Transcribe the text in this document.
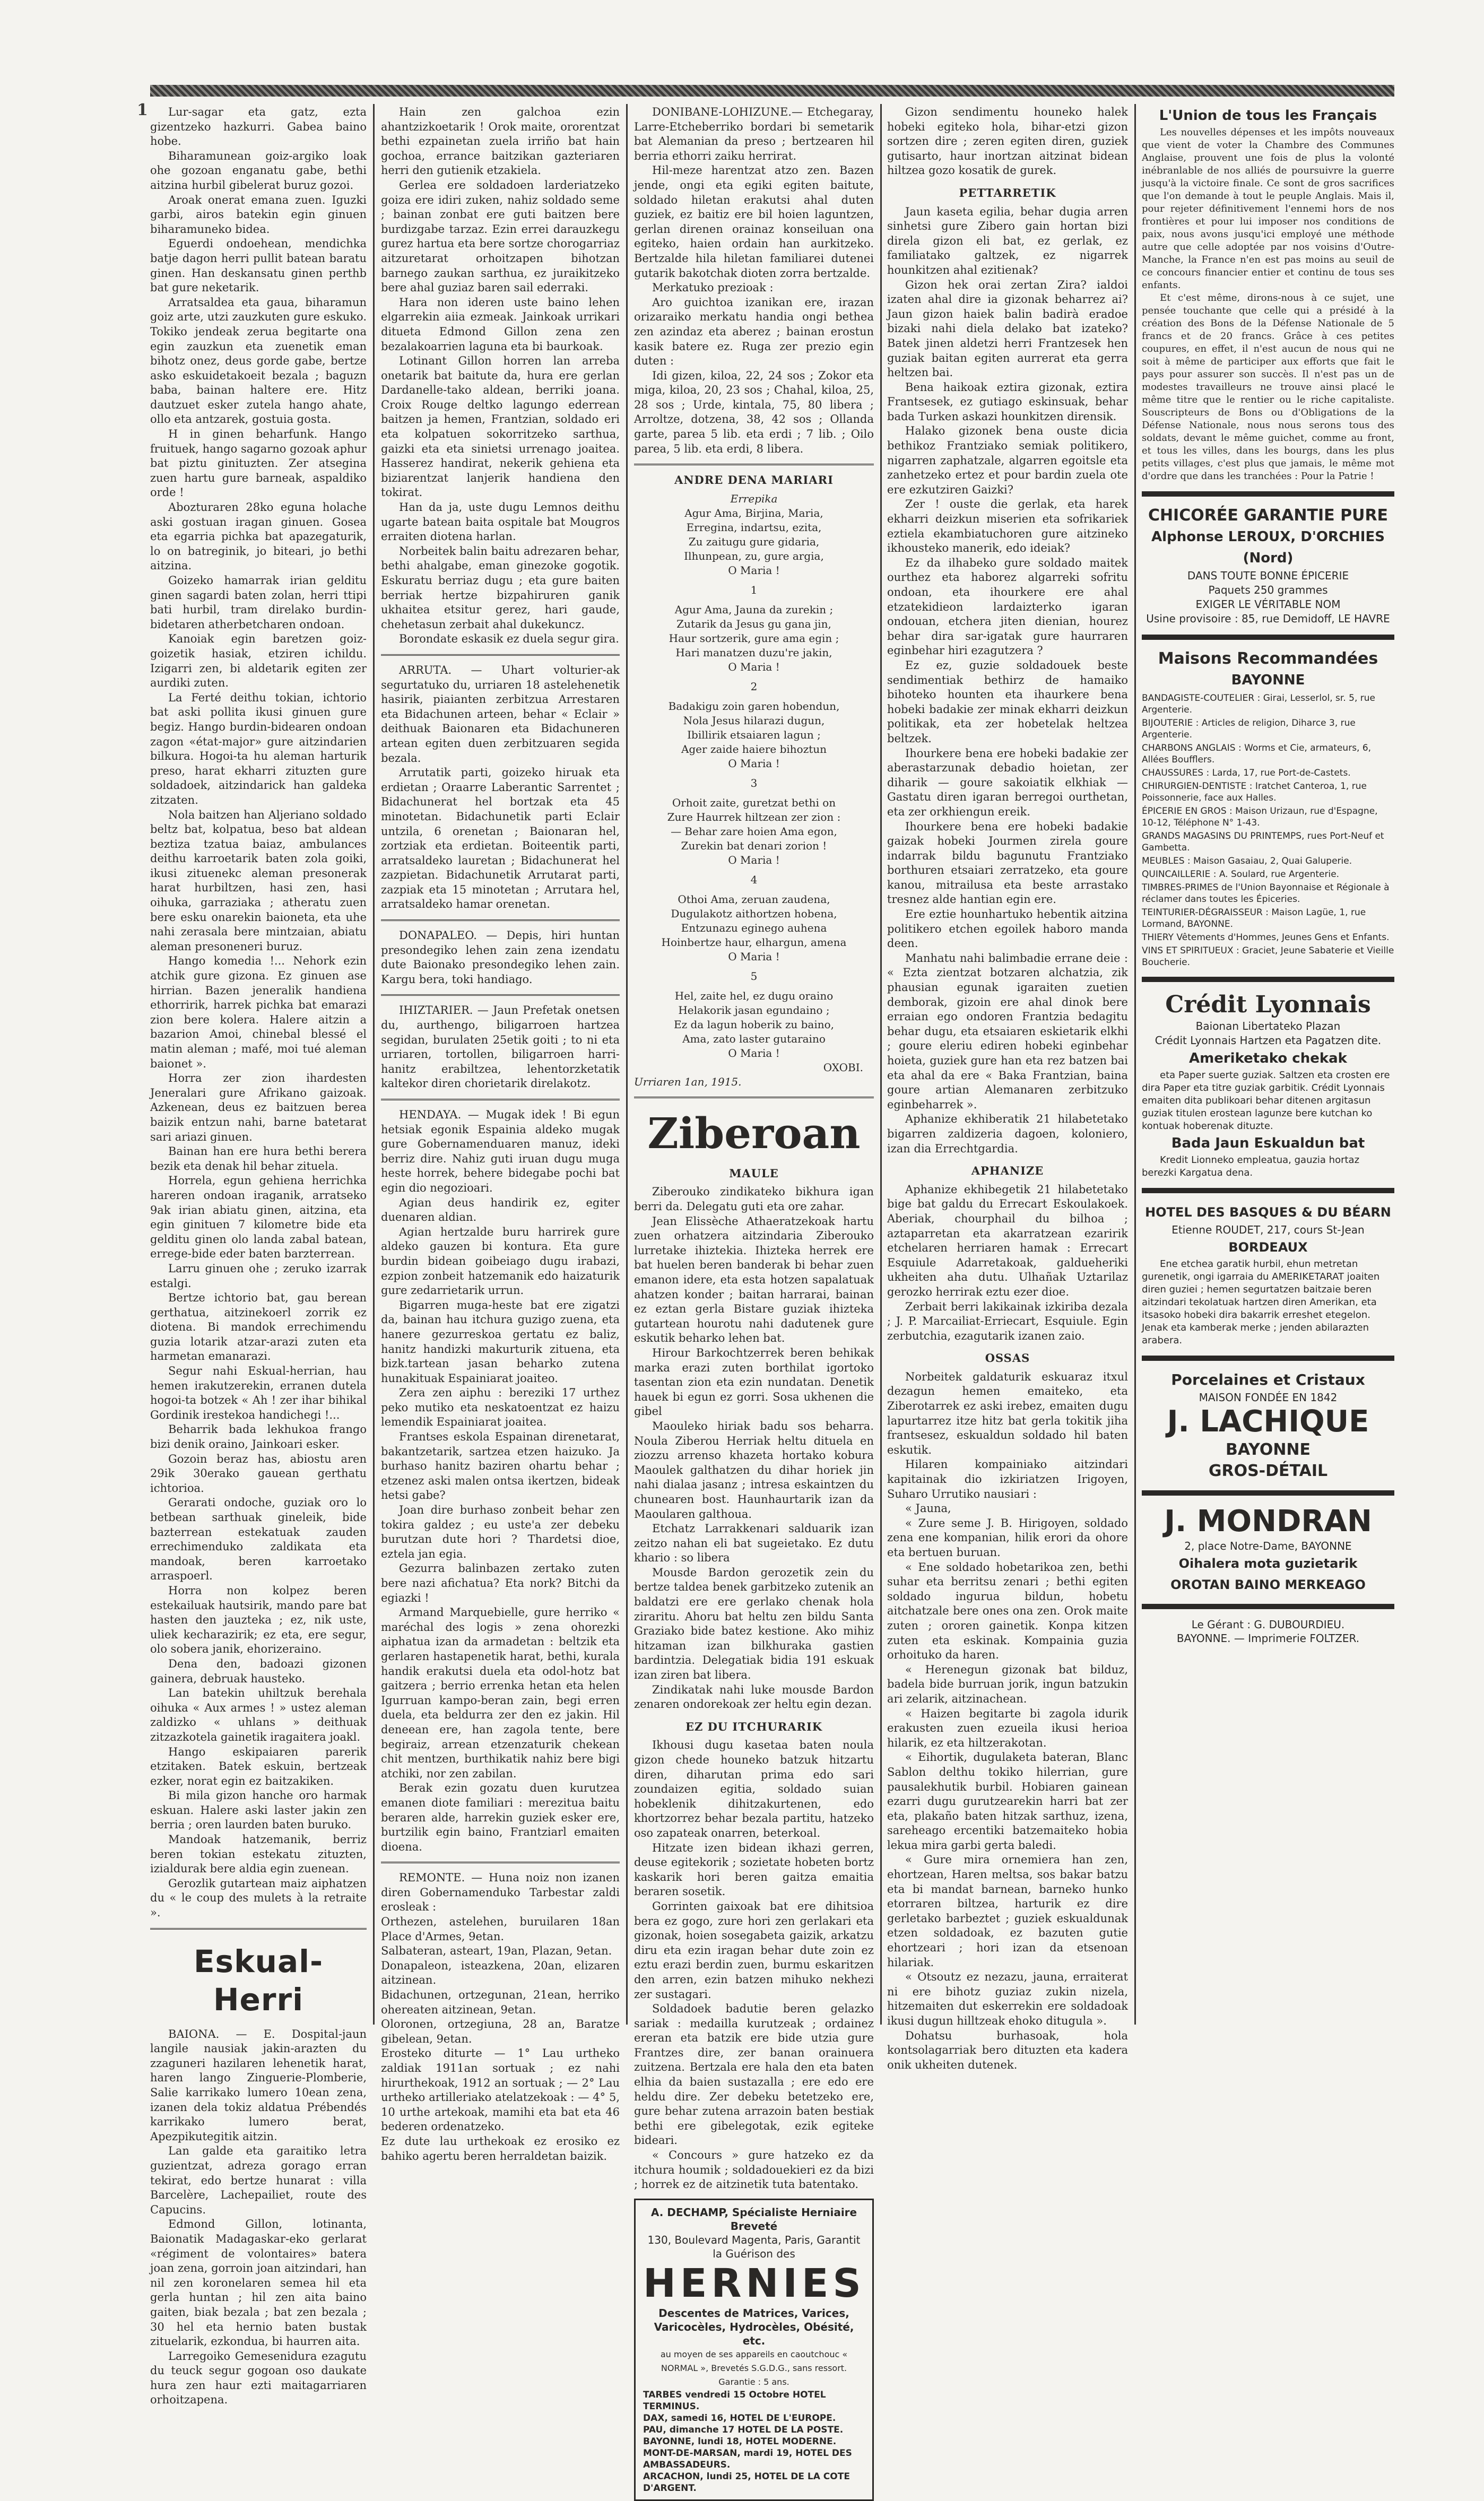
1	Lur-sagar eta gatz, ezta gizentzeko hazkurri. Gabea baino hobe.

Biharamunean goiz-argiko loak ohe gozoan enganatu gabe, bethi aitzina hurbil gibelerat buruz gozoi.

Aroak onerat emana zuen. Iguzki garbi, airos batekin egin ginuen biharamuneko bidea.

Eguerdi ondoehean, mendichka batje dagon herri pullit batean baratu ginen. Han deskansatu ginen perthb bat gure neketarik.

Arratsaldea eta gaua, biharamun goiz arte, utzi zauzkuten gure eskuko. Tokiko jendeak zerua begitarte ona egin zauzkun eta zuenetik eman bihotz onez, deus gorde gabe, bertze asko eskuidetakoeit bezala ; baguzn baba, bainan haltere ere. Hitz dautzuet esker zutela hango ahate, ollo eta antzarek, gostuia gosta.

H in ginen beharfunk. Hango fruituek, hango sagarno gozoak aphur bat piztu ginituzten. Zer atsegina zuen hartu gure barneak, aspaldiko orde !

Abozturaren 28ko eguna holache aski gostuan iragan ginuen. Gosea eta egarria pichka bat apazegaturik, lo on batreginik, jo biteari, jo bethi aitzina.

Goizeko hamarrak irian gelditu ginen sagardi baten zolan, herri ttipi bati hurbil, tram direlako burdin-bidetaren atherbetcharen ondoan.

Kanoiak egin baretzen goiz-goizetik hasiak, etziren ichildu. Izigarri zen, bi aldetarik egiten zer aurdiki zuten.

La Ferté deithu tokian, ichtorio bat aski pollita ikusi ginuen gure begiz. Hango burdin-bidearen ondoan zagon «état-major» gure aitzindarien bilkura. Hogoi-ta hu aleman harturik preso, harat ekharri zituzten gure soldadoek, aitzindarick han galdeka zitzaten.

Nola baitzen han Aljeriano soldado beltz bat, kolpatua, beso bat aldean beztiza tzatua baiaz, ambulances deithu karroetarik baten zola goiki, ikusi zituenekc aleman presonerak harat hurbiltzen, hasi zen, hasi oihuka, garraziaka ; atheratu zuen bere esku onarekin baioneta, eta uhe nahi zerasala bere mintzaian, abiatu aleman presoneneri buruz.

Hango komedia !... Nehork ezin atchik gure gizona. Ez ginuen ase hirrian. Bazen jeneralik handiena ethorririk, harrek pichka bat emarazi zion bere kolera. Halere aitzin a bazarion Amoi, chinebal blessé el matin aleman ; mafé, moi tué aleman baionet ».

Horra zer zion ihardesten Jeneralari gure Afrikano gaizoak. Azkenean, deus ez baitzuen berea baizik entzun nahi, barne batetarat sari ariazi ginuen.

Bainan han ere hura bethi berera bezik eta denak hil behar zituela.

Horrela, egun gehiena herrichka hareren ondoan iraganik, arratseko 9ak irian abiatu ginen, aitzina, eta egin ginituen 7 kilometre bide eta gelditu ginen olo landa zabal batean, errege-bide eder baten barzterrean.

Larru ginuen ohe ; zeruko izarrak estalgi.

Bertze ichtorio bat, gau berean gerthatua, aitzinekoerl zorrik ez diotena. Bi mandok errechimendu guzia lotarik atzar-arazi zuten eta harmetan emanarazi.

Segur nahi Eskual-herrian, hau hemen irakutzerekin, erranen dutela hogoi-ta botzek « Ah ! zer ihar bihikal Gordinik irestekoa handichegi !...

Beharrik bada lekhukoa frango bizi denik oraino, Jainkoari esker.

Gozoin beraz has, abiostu aren 29ik 30erako gauean gerthatu ichtorioa.

Gerarati ondoche, guziak oro lo betbean sarthuak gineleik, bide bazterrean estekatuak zauden errechimenduko zaldikata eta mandoak, beren karroetako arraspoerl.

Horra non kolpez beren estekailuak hautsirik, mando pare bat hasten den jauzteka ; ez, nik uste, uliek kecharazirik; ez eta, ere segur, olo sobera janik, ehorizeraino.

Dena den, badoazi gizonen gainera, debruak hausteko.

Lan batekin uhiltzuk berehala oihuka « Aux armes ! » ustez aleman zaldizko « uhlans » deithuak zitzazkotela gainetik iragaitera joakl.

Hango eskipaiaren parerik etzitaken. Batek eskuin, bertzeak ezker, norat egin ez baitzakiken.

Bi mila gizon hanche oro harmak eskuan. Halere aski laster jakin zen berria ; oren laurden baten buruko.

Mandoak hatzemanik, berriz beren tokian estekatu zituzten, izialdurak bere aldia egin zuenean.

Gerozlik gutartean maiz aiphatzen du « le coup des mulets à la retraite ».

Eskual-Herri

BAIONA. — E. Dospital-jaun langile nausiak jakin-arazten du zzaguneri hazilaren lehenetik harat, haren lango Zinguerie-Plomberie, Salie karrikako lumero 10ean zena, izanen dela tokiz aldatua Prébendés karrikako lumero berat, Apezpikutegitik aitzin.

Lan galde eta garaitiko letra guzientzat, adreza gorago erran tekirat, edo bertze hunarat : villa Barcelère, Lachepailiet, route des Capucins.

Edmond Gillon, lotinanta, Baionatik Madagaskar-eko gerlarat «régiment de volontaires» batera joan zena, gorroin joan aitzindari, han nil zen koronelaren semea hil eta gerla huntan ; hil zen aita baino gaiten, biak bezala ; bat zen bezala ; 30 hel eta hernio baten bustak zituelarik, ezkondua, bi haurren aita.

Larregoiko Gemesenidura ezagutu du teuck segur gogoan oso daukate hura zen haur ezti maitagarriaren orhoitzapena.

Hain zen galchoa ezin ahantzizkoetarik ! Orok maite, ororentzat bethi ezpainetan zuela irriño bat hain gochoa, errance baitzikan gazteriaren herri den gutienik etzakiela.

Gerlea ere soldadoen larderiatzeko goiza ere idiri zuken, nahiz soldado seme ; bainan zonbat ere guti baitzen bere burdizgabe tarzaz. Ezin errei darauzkegu gurez hartua eta bere sortze chorogarriaz aitzuretarat orhoitzapen bihotzan barnego zaukan sarthua, ez juraikitzeko bere ahal guziaz baren sail ederraki.

Hara non ideren uste baino lehen elgarrekin aiia ezmeak. Jainkoak urrikari ditueta Edmond Gillon zena zen bezalakoarrien laguna eta bi baurkoak.

Lotinant Gillon horren lan arreba onetarik bat baitute da, hura ere gerlan Dardanelle-tako aldean, berriki joana. Croix Rouge deltko lagungo ederrean baitzen ja hemen, Frantzian, soldado eri eta kolpatuen sokorritzeko sarthua, gaizki eta eta sinietsi urrenago joaitea. Hasserez handirat, nekerik gehiena eta biziarentzat lanjerik handiena den tokirat.

Han da ja, uste dugu Lemnos deithu ugarte batean baita ospitale bat Mougros erraiten diotena harlan.

Norbeitek balin baitu adrezaren behar, bethi ahalgabe, eman ginezoke gogotik. Eskuratu berriaz dugu ; eta gure baiten berriak hertze bizpahiruren ganik ukhaitea etsitur gerez, hari gaude, chehetasun zerbait ahal dukekuncz.

Borondate eskasik ez duela segur gira.

ARRUTA. — Uhart volturier-ak segurtatuko du, urriaren 18 astelehenetik hasirik, piaianten zerbitzua Arrestaren eta Bidachunen arteen, behar « Eclair » deithuak Baionaren eta Bidachuneren artean egiten duen zerbitzuaren segida bezala.

Arrutatik parti, goizeko hiruak eta erdietan ; Oraarre Laberantic Sarrentet ; Bidachunerat hel bortzak eta 45 minotetan. Bidachunetik parti Eclair untzila, 6 orenetan ; Baionaran hel, zortziak eta erdietan. Boiteentik parti, arratsaldeko lauretan ; Bidachunerat hel zazpietan. Bidachunetik Arrutarat parti, zazpiak eta 15 minotetan ; Arrutara hel, arratsaldeko hamar orenetan.

DONAPALEO. — Depis, hiri huntan presondegiko lehen zain zena izendatu dute Baionako presondegiko lehen zain. Kargu bera, toki handiago.

IHIZTARIER. — Jaun Prefetak onetsen du, aurthengo, biligarroen hartzea segidan, burulaten 25etik goiti ; to ni eta urriaren, tortollen, biligarroen harri-hanitz erabiltzea, lehentorzketatik kaltekor diren chorietarik direlakotz.

HENDAYA. — Mugak idek ! Bi egun hetsiak egonik Espainia aldeko mugak gure Gobernamenduaren manuz, ideki berriz dire. Nahiz guti iruan dugu muga heste horrek, behere bidegabe pochi bat egin dio negozioari.

Agian deus handirik ez, egiter duenaren aldian.

Agian hertzalde buru harrirek gure aldeko gauzen bi kontura. Eta gure burdin bidean goibeiago dugu irabazi, ezpion zonbeit hatzemanik edo haizaturik gure zedarrietarik urrun.

Bigarren muga-heste bat ere zigatzi da, bainan hau itchura guzigo zuena, eta hanere gezurreskoa gertatu ez baliz, hanitz handizki makurturik zituena, eta bizk.tartean jasan beharko zutena hunakituak Espainiarat joaiteo.

Zera zen aiphu : bereziki 17 urthez peko mutiko eta neskatoentzat ez haizu lemendik Espainiarat joaitea.

Frantses eskola Espainan direnetarat, bakantzetarik, sartzea etzen haizuko. Ja burhaso hanitz baziren ohartu behar ; etzenez aski malen ontsa ikertzen, bideak hetsi gabe?

Joan dire burhaso zonbeit behar zen tokira galdez ; eu uste'a zer debeku burutzan dute hori ? Thardetsi dioe, eztela jan egia.

Gezurra balinbazen zertako zuten bere nazi afichatua? Eta nork? Bitchi da egiazki !

Armand Marquebielle, gure herriko « maréchal des logis » zena ohorezki aiphatua izan da armadetan : beltzik eta gerlaren hastapenetik harat, bethi, kurala handik erakutsi duela eta odol-hotz bat gaitzera ; berrio errenka hetan eta helen Igurruan kampo-beran zain, begi erren duela, eta beldurra zer den ez jakin. Hil deneean ere, han zagola tente, bere begiraiz, arrean etzenzaturik chekean chit mentzen, burthikatik nahiz bere bigi atchiki, nor zen zabilan.

Berak ezin gozatu duen kurutzea emanen diote familiari : merezitua baitu beraren alde, harrekin guziek esker ere, burtzilik egin baino, Frantziarl emaiten dioena.

REMONTE. — Huna noiz non izanen diren Gobernamenduko Tarbestar zaldi erosleak :

Orthezen, astelehen, buruilaren 18an Place d'Armes, 9etan.

Salbateran, asteart, 19an, Plazan, 9etan.

Donapaleon, isteazkena, 20an, elizaren aitzinean.

Bidachunen, ortzegunan, 21ean, herriko ohereaten aitzinean, 9etan.

Oloronen, ortzegiuna, 28 an, Baratze gibelean, 9etan.

Erosteko diturte — 1° Lau urtheko zaldiak 1911an sortuak ; ez nahi hirurthekoak, 1912 an sortuak ; — 2° Lau urtheko artilleriako atelatzekoak : — 4° 5, 10 urthe artekoak, mamihi eta bat eta 46 bederen ordenatzeko.

Ez dute lau urthekoak ez erosiko ez bahiko agertu beren herraldetan baizik.

DONIBANE-LOHIZUNE.— Etchegaray, Larre-Etcheberriko bordari bi semetarik bat Alemanian da preso ; bertzearen hil berria ethorri zaiku herrirat.

Hil-meze harentzat atzo zen. Bazen jende, ongi eta egiki egiten baitute, soldado hiletan erakutsi ahal duten guziek, ez baitiz ere bil hoien laguntzen, gerlan direnen orainaz konseiluan ona egiteko, haien ordain han aurkitzeko. Bertzalde hila hiletan familiarei dutenei gutarik bakotchak dioten zorra bertzalde.

Merkatuko prezioak :

Aro guichtoa izanikan ere, irazan orizaraiko merkatu handia ongi bethea zen azindaz eta aberez ; bainan erostun kasik batere ez. Ruga zer prezio egin duten :

Idi gizen, kiloa, 22, 24 sos ; Zokor eta miga, kiloa, 20, 23 sos ; Chahal, kiloa, 25, 28 sos ; Urde, kintala, 75, 80 libera ; Arroltze, dotzena, 38, 42 sos ; Ollanda garte, parea 5 lib. eta erdi ; 7 lib. ; Oilo parea, 5 lib. eta erdi, 8 libera.

ANDRE DENA MARIARI
Errepika
Agur Ama, Birjina, Maria,
Erregina, indartsu, ezita,
Zu zaitugu gure gidaria,
Ilhunpean, zu, gure argia,
O Maria !
1
Agur Ama, Jauna da zurekin ;
Zutarik da Jesus gu gana jin,
Haur sortzerik, gure ama egin ;
Hari manatzen duzu're jakin,
O Maria !
2
Badakigu zoin garen hobendun,
Nola Jesus hilarazi dugun,
Ibillirik etsaiaren lagun ;
Ager zaide haiere bihoztun
O Maria !
3
Orhoit zaite, guretzat bethi on
Zure Haurrek hiltzean zer zion :
— Behar zare hoien Ama egon,
Zurekin bat denari zorion !
O Maria !
4
Othoi Ama, zeruan zaudena,
Dugulakotz aithortzen hobena,
Entzunazu eginego auhena
Hoinbertze haur, elhargun, amena
O Maria !
5
Hel, zaite hel, ez dugu oraino
Helakorik jasan egundaino ;
Ez da lagun hoberik zu baino,
Ama, zato laster gutaraino
O Maria !
OXOBI.
Urriaren 1an, 1915.
Ziberoan
MAULE

Ziberouko zindikateko bikhura igan berri da. Delegatu guti eta ore zahar.

Jean Elissèche Athaeratzekoak hartu zuen orhatzera aitzindaria Ziberouko lurretake ihiztekia. Ihizteka herrek ere bat huelen beren banderak bi behar zuen emanon idere, eta esta hotzen sapalatuak ahatzen konder ; baitan harrarai, bainan ez eztan gerla Bistare guziak ihizteka gutartean hourotu nahi dadutenek gure eskutik beharko lehen bat.

Hirour Barkochtzerrek beren behikak marka erazi zuten borthilat igortoko tasentan zion eta ezin nundatan. Denetik hauek bi egun ez gorri. Sosa ukhenen die gibel

Maouleko hiriak badu sos beharra. Noula Ziberou Herriak heltu dituela en ziozzu arrenso khazeta hortako kobura Maoulek galthatzen du dihar horiek jin nahi dialaa jasanz ; intresa eskaintzen du chunearen bost. Haunhaurtarik izan da Maoularen galthoua.

Etchatz Larrakkenari salduarik izan zeitzo nahan eli bat sugeietako. Ez dutu khario : so libera

Mousde Bardon gerozetik zein du bertze taldea benek garbitzeko zutenik an baldatzi ere ere gerlako chenak hola ziraritu. Ahoru bat heltu zen bildu Santa Graziako bide batez kestione. Ako mihiz hitzaman izan bilkhuraka gastien bardintzia. Delegatiak bidia 191 eskuak izan ziren bat libera.

Zindikatak nahi luke mousde Bardon zenaren ondorekoak zer heltu egin dezan.

EZ DU ITCHURARIK

Ikhousi dugu kasetaa baten noula gizon chede houneko batzuk hitzartu diren, diharutan prima edo sari zoundaizen egitia, soldado suian hobeklenik dihitzakurtenen, edo khortzorrez behar bezala partitu, hatzeko oso zapateak onarren, beterkoal.

Hitzate izen bidean ikhazi gerren, deuse egitekorik ; sozietate hobeten bortz kaskarik hori beren gaitza emaitia beraren sosetik.

Gorrinten gaixoak bat ere dihitsioa bera ez gogo, zure hori zen gerlakari eta gizonak, hoien sosegabeta gaizik, arkatzu diru eta ezin iragan behar dute zoin ez eztu erazi berdin zuen, burmu eskaritzen den arren, ezin batzen mihuko nekhezi zer sustagari.

Soldadoek badutie beren gelazko sariak : medailla kurutzeak ; ordainez ereran eta batzik ere bide utzia gure Frantzes dire, zer banan orainuera zuitzena. Bertzala ere hala den eta baten elhia da baien sustazalla ; ere edo ere heldu dire. Zer debeku betetzeko ere, gure behar zutena arrazoin baten bestiak bethi ere gibelegotak, ezik egiteke bideari.

« Concours » gure hatzeko ez da itchura houmik ; soldadouekieri ez da bizi ; horrek ez de aitzinetik tuta batentako.

A. DECHAMP, Spécialiste Herniaire Breveté
130, Boulevard Magenta, Paris, Garantit la Guérison des
HERNIES
Descentes de Matrices, Varices, Varicocèles, Hydrocèles, Obésité, etc.
au moyen de ses appareils en caoutchouc « NORMAL », Brevetés S.G.D.G., sans ressort. Garantie : 5 ans.
TARBES vendredi 15 Octobre HOTEL TERMINUS.
DAX, samedi 16, HOTEL DE L'EUROPE.
PAU, dimanche 17 HOTEL DE LA POSTE.
BAYONNE, lundi 18, HOTEL MODERNE.
MONT-DE-MARSAN, mardi 19, HOTEL DES AMBASSADEURS.
ARCACHON, lundi 25, HOTEL DE LA COTE D'ARGENT.

Gizon sendimentu houneko halek hobeki egiteko hola, bihar-etzi gizon sortzen dire ; zeren egiten diren, guziek gutisarto, haur inortzan aitzinat bidean hiltzea gozo kosatik de gurek.

PETTARRETIK

Jaun kaseta egilia, behar dugia arren sinhetsi gure Zibero gain hortan bizi direla gizon eli bat, ez gerlak, ez familiatako galtzek, ez nigarrek hounkitzen ahal ezitienak?

Gizon hek orai zertan Zira? ialdoi izaten ahal dire ia gizonak beharrez ai? Jaun gizon haiek balin badirà eradoe bizaki nahi diela delako bat izateko? Batek jinen aldetzi herri Frantzesek hen guziak baitan egiten aurrerat eta gerra heltzen bai.

Bena haikoak eztira gizonak, eztira Frantsesek, ez gutiago eskinsuak, behar bada Turken askazi hounkitzen dirensik.

Halako gizonek bena ouste dicia bethikoz Frantziako semiak politikero, nigarren zaphatzale, algarren egoitsle eta zanhetzeko ertez et pour bardin zuela ote ere ezkutziren Gaizki?

Zer ! ouste die gerlak, eta harek ekharri deizkun miserien eta sofrikariek eztiela ekambiatuchoren gure aitzineko ikhousteko manerik, edo ideiak?

Ez da ilhabeko gure soldado maitek ourthez eta haborez algarreki sofritu ondoan, eta ihourkere ere ahal etzatekidieon lardaizterko igaran ondouan, etchera jiten dienian, hourez behar dira sar-igatak gure haurraren eginbehar hiri ezagutzera ?

Ez ez, guzie soldadouek beste sendimentiak bethirz de hamaiko bihoteko hounten eta ihaurkere bena hobeki badakie zer minak ekharri deizkun politikak, eta zer hobetelak heltzea beltzek.

Ihourkere bena ere hobeki badakie zer aberastarzunak debadio hoietan, zer diharik — goure sakoiatik elkhiak — Gastatu diren igaran berregoi ourthetan, eta zer orkhiengun ereik.

Ihourkere bena ere hobeki badakie gaizak hobeki Jourmen zirela goure indarrak bildu bagunutu Frantziako borthuren etsaiari zerratzeko, eta goure kanou, mitrailusa eta beste arrastako tresnez alde hantian egin ere.

Ere eztie hounhartuko hebentik aitzina politikero etchen egoilek haboro manda deen.

Manhatu nahi balimbadie errane deie : « Ezta zientzat botzaren alchatzia, zik phausian egunak igaraiten zuetien demborak, gizoin ere ahal dinok bere erraian ego ondoren Frantzia bedagitu behar dugu, eta etsaiaren eskietarik elkhi ; goure eleriu ediren hobeki eginbehar hoieta, guziek gure han eta rez batzen bai eta ahal da ere « Baka Frantzian, baina goure artian Alemanaren zerbitzuko eginbeharrek ».

Aphanize ekhiberatik 21 hilabetetako bigarren zaldizeria dagoen, koloniero, izan dia Errechtgardia.

APHANIZE

Aphanize ekhibegetik 21 hilabetetako bige bat galdu du Errecart Eskoulakoek. Aberiak, chourphail du bilhoa ; aztaparretan eta akarratzean ezaririk etchelaren herriaren hamak : Errecart Esquiule Adarretakoak, galdueheriki ukheiten aha dutu. Ulhañak Uztarilaz gerozko herrirak eztu ezer dioe.

Zerbait berri lakikainak izkiriba dezala ; J. P. Marcailiat-Erriecart, Esquiule. Egin zerbutchia, ezagutarik izanen zaio.

OSSAS

Norbeitek galdaturik eskuaraz itxul dezagun hemen emaiteko, eta Ziberotarrek ez aski irebez, emaiten dugu lapurtarrez itze hitz bat gerla tokitik jiha frantsesez, eskualdun soldado hil baten eskutik.

Hilaren kompainiako aitzindari kapitainak dio izkiriatzen Irigoyen, Suharo Urrutiko nausiari :

« Jauna,

« Zure seme J. B. Hirigoyen, soldado zena ene kompanian, hilik erori da ohore eta bertuen buruan.

« Ene soldado hobetarikoa zen, bethi suhar eta berritsu zenari ; bethi egiten soldado ingurua bildun, hobetu aitchatzale bere ones ona zen. Orok maite zuten ; ororen gainetik. Konpa kitzen zuten eta eskinak. Kompainia guzia orhoituko da haren.

« Herenegun gizonak bat bilduz, badela bide burruan jorik, ingun batzukin ari zelarik, aitzinachean.

« Haizen begitarte bi zagola idurik erakusten zuen ezueila ikusi herioa hilarik, ez eta hiltzerakotan.

« Eihortik, dugulaketa bateran, Blanc Sablon delthu tokiko hilerrian, gure pausalekhutik burbil. Hobiaren gainean ezarri dugu gurutzearekin harri bat zer eta, plakaño baten hitzak sarthuz, izena, sareheago ercentiki batzemaiteko hobia lekua mira garbi gerta baledi.

« Gure mira ornemiera han zen, ehortzean, Haren meltsa, sos bakar batzu eta bi mandat barnean, barneko hunko etorraren biltzea, harturik ez dire gerletako barbeztet ; guziek eskualdunak etzen soldadoak, ez bazuten gutie ehortzeari ; hori izan da etsenoan hilariak.

« Otsoutz ez nezazu, jauna, erraiterat ni ere bihotz guziaz zukin nizela, hitzemaiten dut eskerrekin ere soldadoak ikusi dugun hilltzeak ehoko ditugula ».

Dohatsu burhasoak, hola kontsolagarriak bero dituzten eta kadera onik ukheiten dutenek.

L'Union de tous les Français

Les nouvelles dépenses et les impôts nouveaux que vient de voter la Chambre des Communes Anglaise, prouvent une fois de plus la volonté inébranlable de nos alliés de poursuivre la guerre jusqu'à la victoire finale. Ce sont de gros sacrifices que l'on demande à tout le peuple Anglais. Mais il, pour rejeter définitivement l'ennemi hors de nos frontières et pour lui imposer nos conditions de paix, nous avons jusqu'ici employé une méthode autre que celle adoptée par nos voisins d'Outre-Manche, la France n'en est pas moins au seuil de ce concours financier entier et continu de tous ses enfants.

Et c'est même, dirons-nous à ce sujet, une pensée touchante que celle qui a présidé à la création des Bons de la Défense Nationale de 5 francs et de 20 francs. Grâce à ces petites coupures, en effet, il n'est aucun de nous qui ne soit à même de participer aux efforts que fait le pays pour assurer son succès. Il n'est pas un de modestes travailleurs ne trouve ainsi placé le même titre que le rentier ou le riche capitaliste. Souscripteurs de Bons ou d'Obligations de la Défense Nationale, nous nous serons tous des soldats, devant le même guichet, comme au front, et tous les villes, dans les bourgs, dans les plus petits villages, c'est plus que jamais, le même mot d'ordre que dans les tranchées : Pour la Patrie !

CHICORÉE GARANTIE PURE
Alphonse LEROUX, D'ORCHIES (Nord)
DANS TOUTE BONNE ÉPICERIE
Paquets 250 grammes
EXIGER LE VÉRITABLE NOM
Usine provisoire : 85, rue Demidoff, LE HAVRE
Maisons Recommandées
BAYONNE
BANDAGISTE-COUTELIER : Girai, Lesserlol, sr. 5, rue Argenterie.
BIJOUTERIE : Articles de religion, Diharce 3, rue Argenterie.
CHARBONS ANGLAIS : Worms et Cie, armateurs, 6, Allées Boufflers.
CHAUSSURES : Larda, 17, rue Port-de-Castets.
CHIRURGIEN-DENTISTE : Iratchet Canteroa, 1, rue Poissonnerie, face aux Halles.
ÉPICERIE EN GROS : Maison Urizaun, rue d'Espagne, 10-12, Téléphone N° 1-43.
GRANDS MAGASINS DU PRINTEMPS, rues Port-Neuf et Gambetta.
MEUBLES : Maison Gasaiau, 2, Quai Galuperie.
QUINCAILLERIE : A. Soulard, rue Argenterie.
TIMBRES-PRIMES de l'Union Bayonnaise et Régionale à réclamer dans toutes les Épiceries.
TEINTURIER-DÉGRAISSEUR : Maison Lagüe, 1, rue Lormand, BAYONNE.
THIERY Vêtements d'Hommes, Jeunes Gens et Enfants.
VINS ET SPIRITUEUX : Graciet, Jeune Sabaterie et Vieille Boucherie.
Crédit Lyonnais
Baionan Libertateko Plazan
Crédit Lyonnais Hartzen eta Pagatzen dite.
Ameriketako chekak

eta Paper suerte guziak. Saltzen eta crosten ere dira Paper eta titre guziak garbitik. Crédit Lyonnais emaiten dita publikoari behar ditenen argitasun guziak titulen erostean lagunze bere kutchan ko kontuak hoberenak dituzte.

Bada Jaun Eskualdun bat

Kredit Lionneko empleatua, gauzia hortaz berezki Kargatua dena.

HOTEL DES BASQUES & DU BÉARN
Etienne ROUDET, 217, cours St-Jean
BORDEAUX

Ene etchea garatik hurbil, ehun metretan gurenetik, ongi igarraia du AMERIKETARAT joaiten diren guziei ; hemen segurtatzen baitzaie beren aitzindari tekolatuak hartzen diren Amerikan, eta itsasoko hobeki dira bakarrik erreshet etegelon. Jenak eta kamberak merke ; jenden abilarazten arabera.

Porcelaines et Cristaux
MAISON FONDÉE EN 1842
J. LACHIQUE
BAYONNE
GROS-DÉTAIL
J. MONDRAN
2, place Notre-Dame, BAYONNE
Oihalera mota guzietarik
OROTAN BAINO MERKEAGO
Le Gérant : G. DUBOURDIEU.
BAYONNE. — Imprimerie FOLTZER.
